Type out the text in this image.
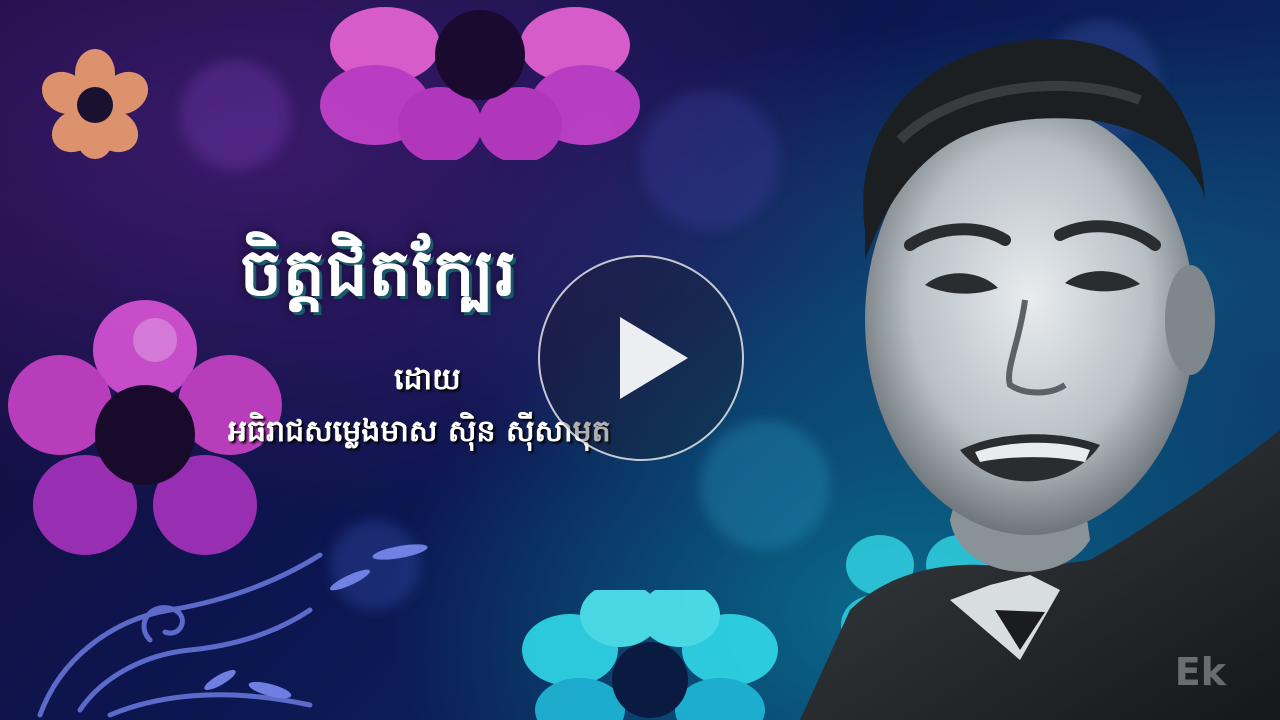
ចិត្តជិតក្បែរ
ដោយ
អធិរាជសម្លេងមាស ស៊ិន ស៊ីសាមុត
Ek
